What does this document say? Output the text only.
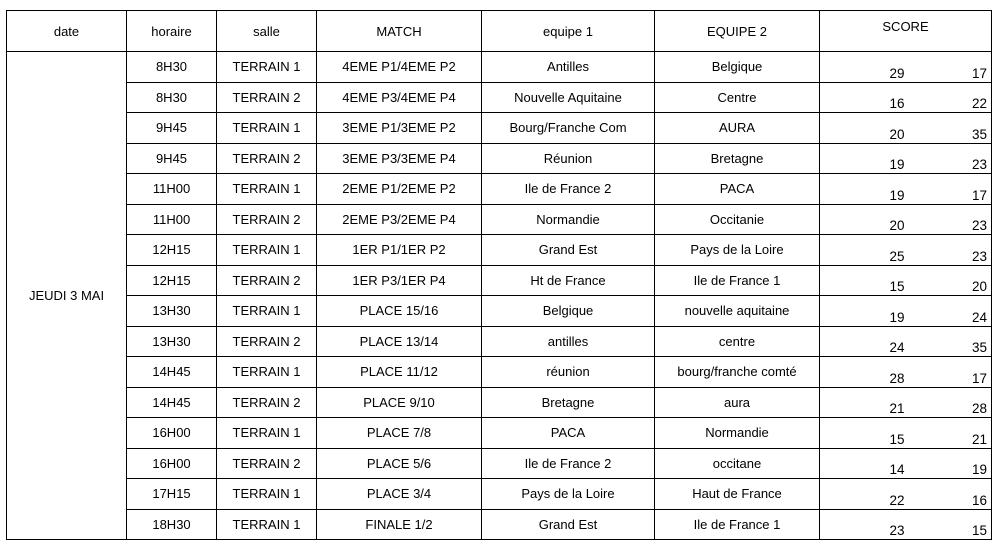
date	horaire	salle	MATCH	equipe 1	EQUIPE 2	SCORE	
JEUDI 3 MAI	8H30	TERRAIN 1	4EME P1/4EME P2	Antilles	Belgique	29	17
	8H30	TERRAIN 2	4EME P3/4EME P4	Nouvelle Aquitaine	Centre	16	22
	9H45	TERRAIN 1	3EME P1/3EME P2	Bourg/Franche Com	AURA	20	35
	9H45	TERRAIN 2	3EME P3/3EME P4	Réunion	Bretagne	19	23
	11H00	TERRAIN 1	2EME P1/2EME P2	Ile de France 2	PACA	19	17
	11H00	TERRAIN 2	2EME P3/2EME P4	Normandie	Occitanie	20	23
	12H15	TERRAIN 1	1ER P1/1ER P2	Grand Est	Pays de la Loire	25	23
	12H15	TERRAIN 2	1ER P3/1ER P4	Ht de France	Ile de France 1	15	20
	13H30	TERRAIN 1	PLACE 15/16	Belgique	nouvelle aquitaine	19	24
	13H30	TERRAIN 2	PLACE 13/14	antilles	centre	24	35
	14H45	TERRAIN 1	PLACE 11/12	réunion	bourg/franche comté	28	17
	14H45	TERRAIN 2	PLACE 9/10	Bretagne	aura	21	28
	16H00	TERRAIN 1	PLACE 7/8	PACA	Normandie	15	21
	16H00	TERRAIN 2	PLACE 5/6	Ile de France 2	occitane	14	19
	17H15	TERRAIN 1	PLACE 3/4	Pays de la Loire	Haut de France	22	16
	18H30	TERRAIN 1	FINALE 1/2	Grand Est	Ile de France 1	23	15
